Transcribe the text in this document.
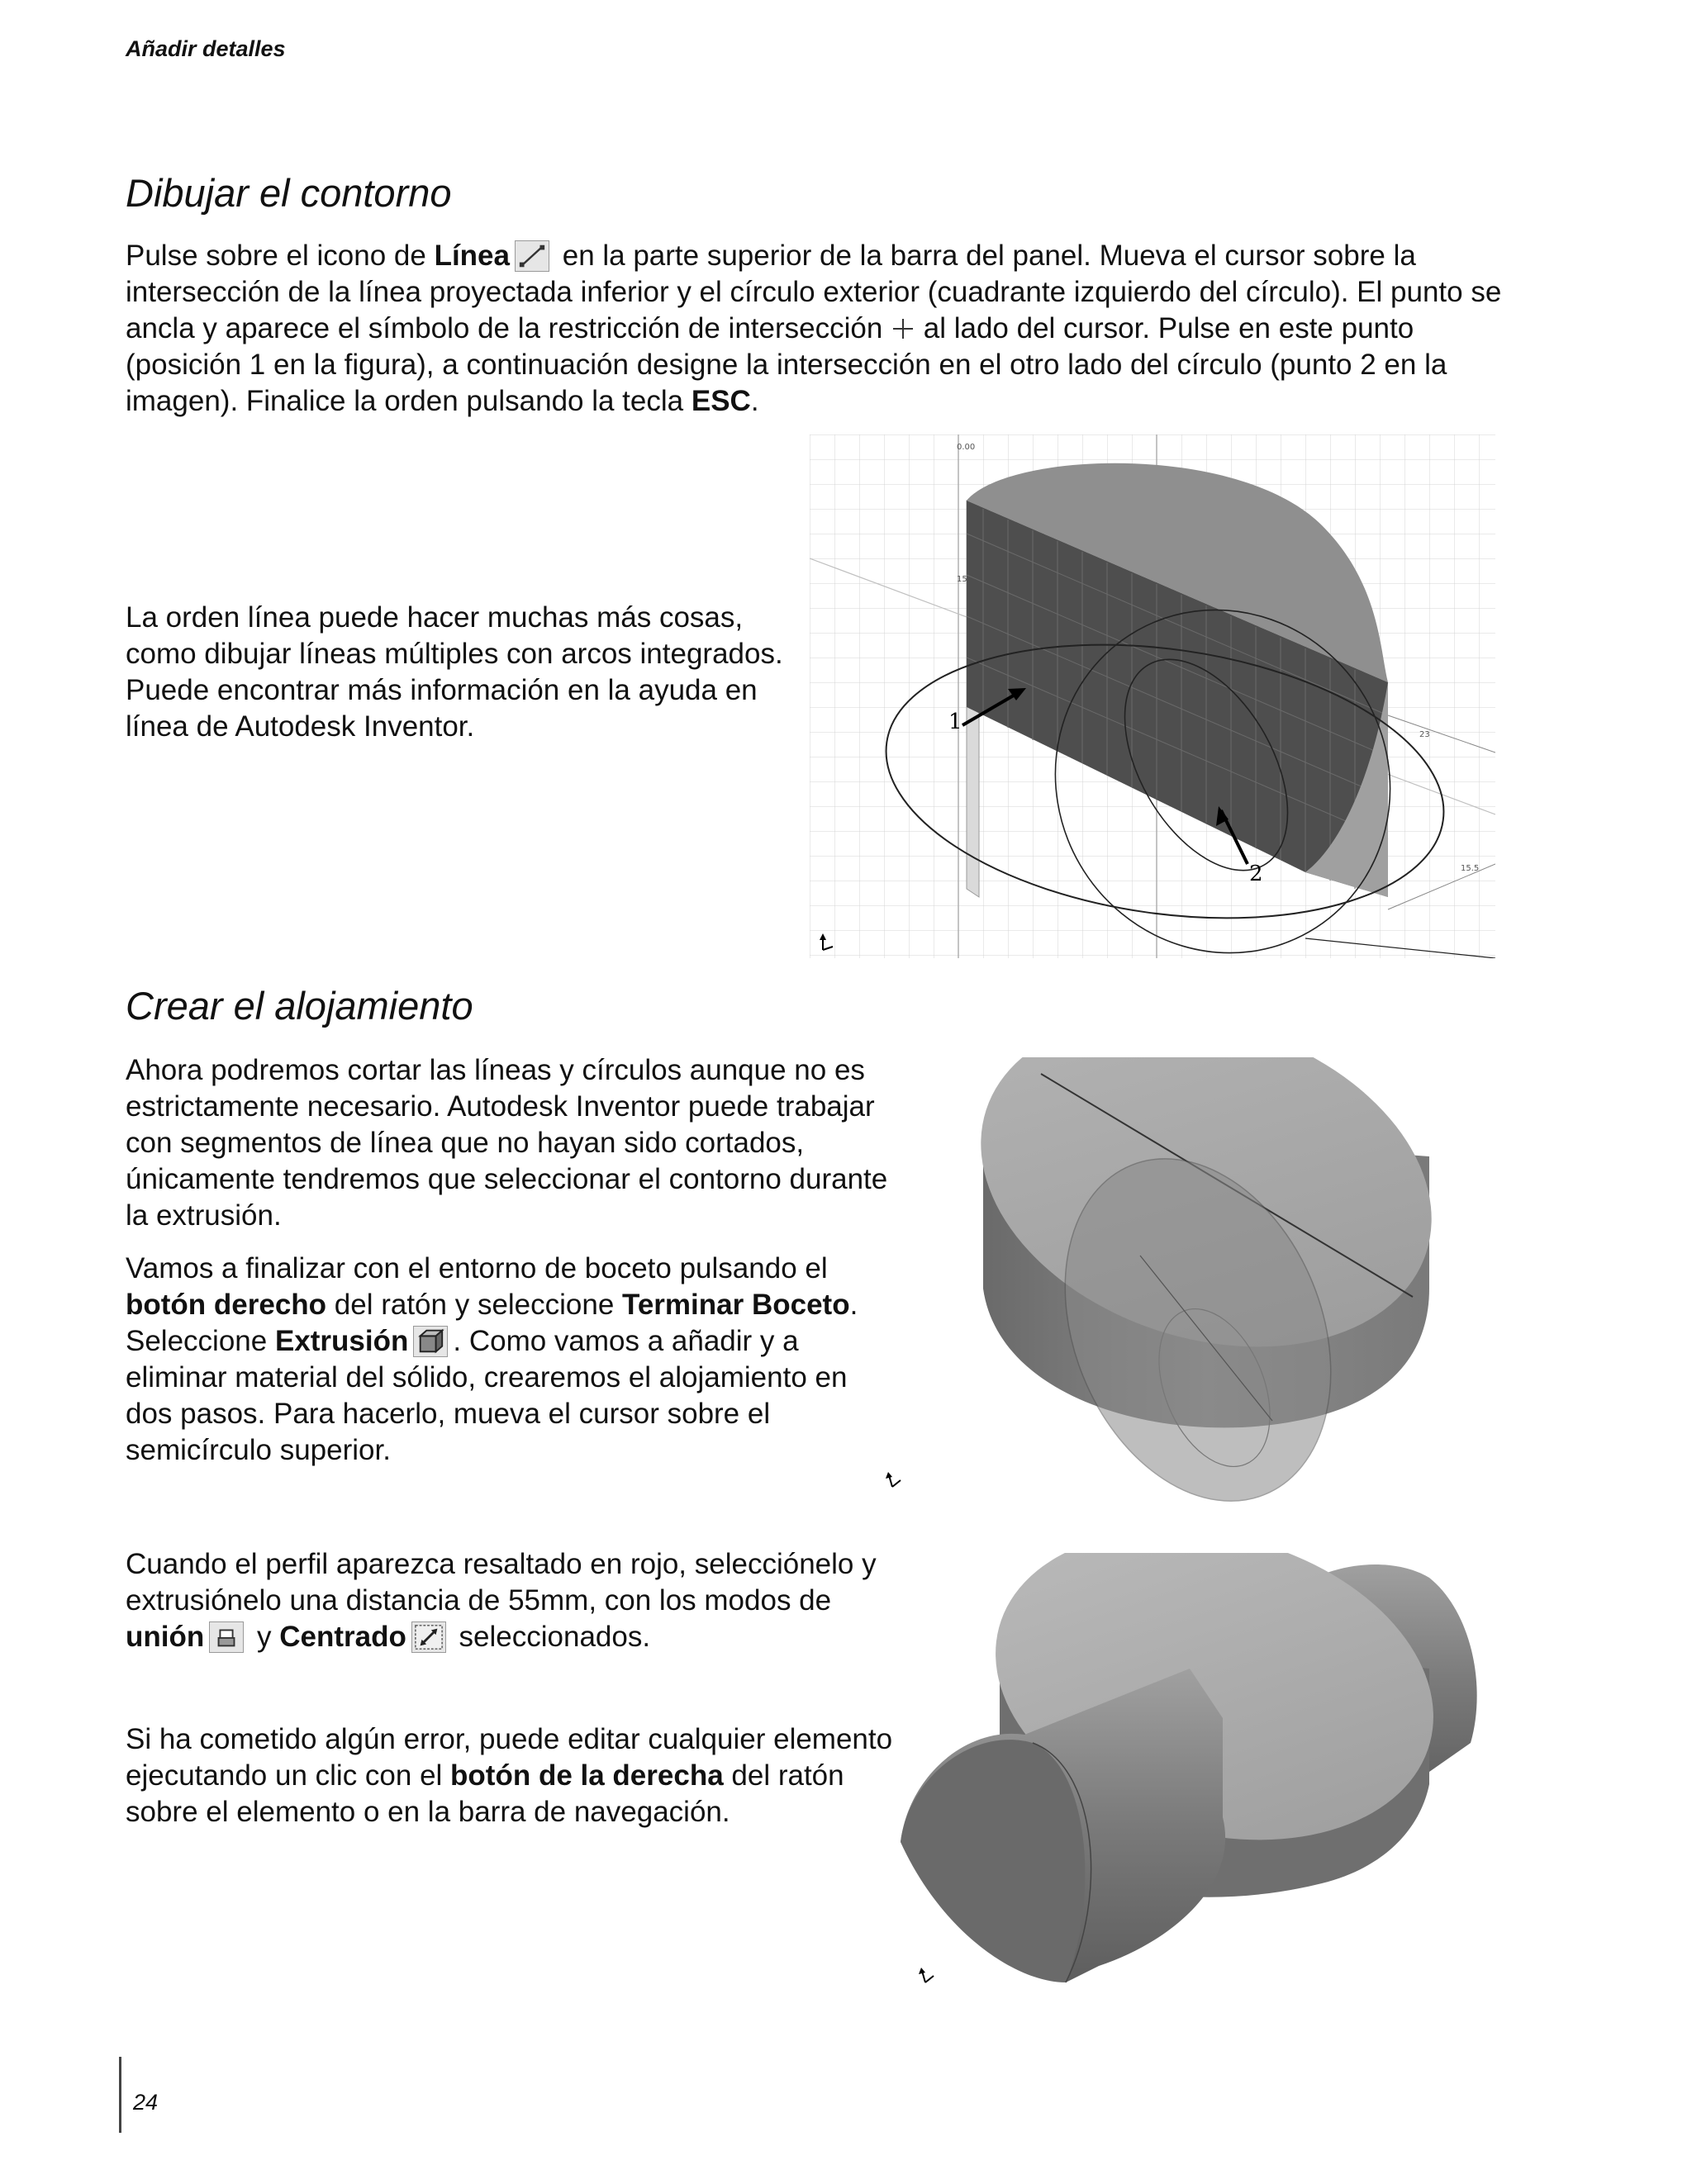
Añadir detalles
Dibujar el contorno

Pulse sobre el icono de Línea
en la parte superior de la barra del panel. Mueva el cursor sobre la intersección de la línea proyectada inferior y el círculo exterior (cuadrante izquierdo del círculo). El punto se ancla y aparece el símbolo de la restricción de intersección  al lado del cursor. Pulse en este punto (posición 1 en la figura), a continuación designe la intersección en el otro lado del círculo (punto 2 en la imagen). Finalice la orden pulsando la tecla ESC.

La orden línea puede hacer muchas más cosas, como dibujar líneas múltiples con arcos integrados. Puede encontrar más información en la ayuda en línea de Autodesk Inventor.	1
2
0.00
15
23
15.5
Crear el alojamiento

Ahora podremos cortar las líneas y círculos aunque no es estrictamente necesario. Autodesk Inventor puede trabajar con segmentos de línea que no hayan sido cortados, únicamente tendremos que seleccionar el contorno durante la extrusión.

Vamos a finalizar con el entorno de boceto pulsando el botón derecho del ratón y seleccione Terminar Boceto. Seleccione Extrusión . Como vamos a añadir y a eliminar material del sólido, crearemos el alojamiento en dos pasos. Para hacerlo, mueva el cursor sobre el semicírculo superior.

Cuando el perfil aparezca resaltado en rojo, selecciónelo y extrusiónelo una distancia de 55mm, con los modos de unión
y Centrado
seleccionados.

Si ha cometido algún error, puede editar cualquier elemento ejecutando un clic con el botón de la derecha del ratón sobre el elemento o en la barra de navegación.

24
